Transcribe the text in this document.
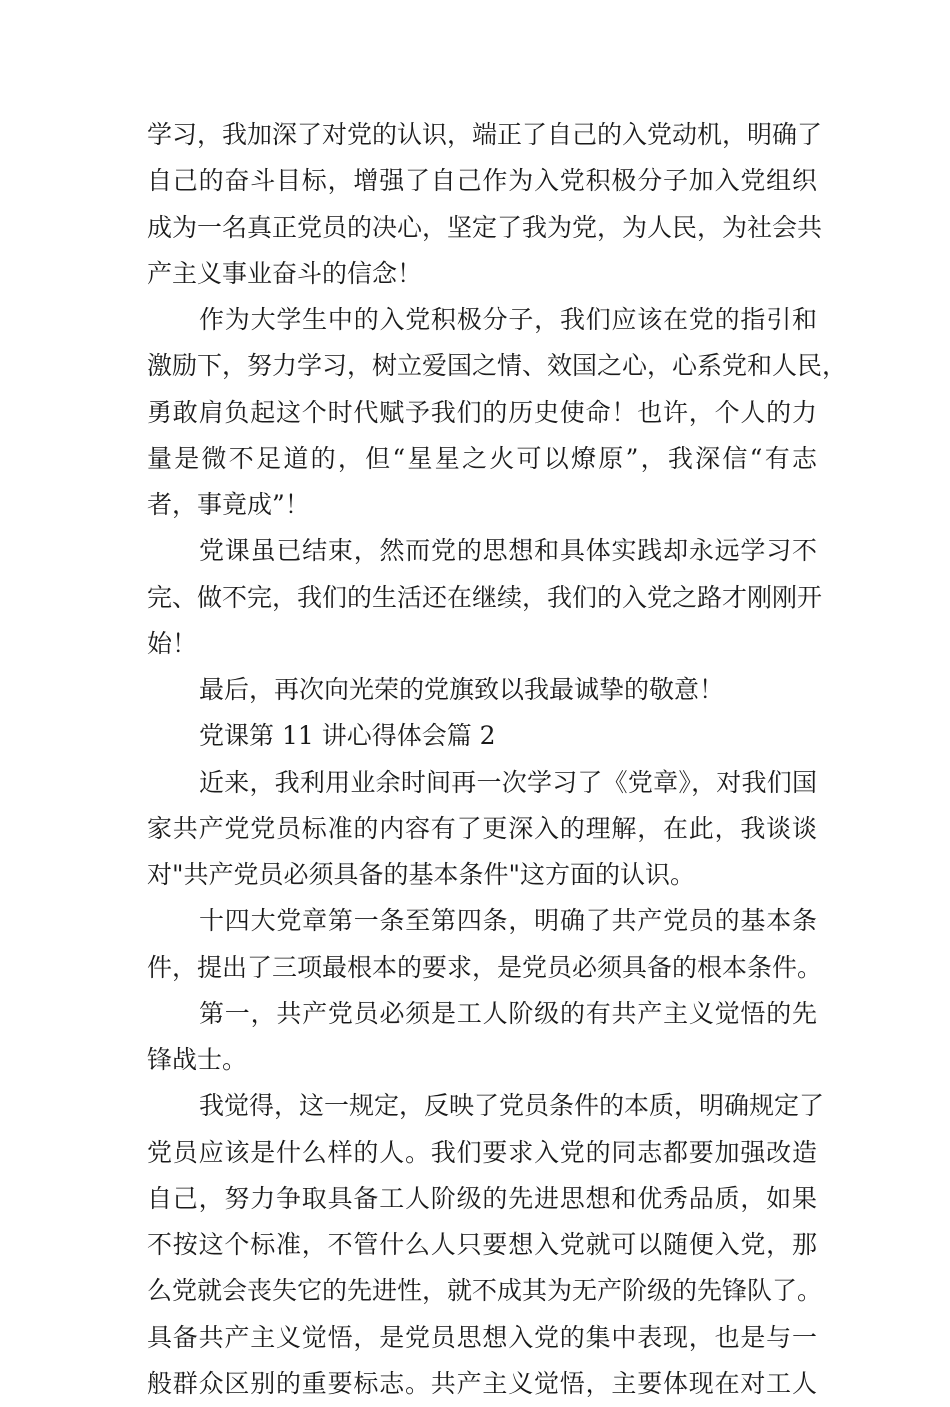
学习，我加深了对党的认识，端正了自己的入党动机，明确了
自己的奋斗目标，增强了自己作为入党积极分子加入党组织
成为一名真正党员的决心，坚定了我为党，为人民，为社会共
产主义事业奋斗的信念！
作为大学生中的入党积极分子，我们应该在党的指引和
激励下，努力学习，树立爱国之情、效国之心，心系党和人民，
勇敢肩负起这个时代赋予我们的历史使命！也许，个人的力
量是微不足道的，但“星星之火可以燎原”，我深信“有志
者，事竟成”！
党课虽已结束，然而党的思想和具体实践却永远学习不
完、做不完，我们的生活还在继续，我们的入党之路才刚刚开
始！
最后，再次向光荣的党旗致以我最诚挚的敬意！
党课第 11 讲心得体会篇 2
近来，我利用业余时间再一次学习了《党章》，对我们国
家共产党党员标准的内容有了更深入的理解，在此，我谈谈
对"共产党员必须具备的基本条件"这方面的认识。
十四大党章第一条至第四条，明确了共产党员的基本条
件，提出了三项最根本的要求，是党员必须具备的根本条件。
第一，共产党员必须是工人阶级的有共产主义觉悟的先
锋战士。
我觉得，这一规定，反映了党员条件的本质，明确规定了
党员应该是什么样的人。我们要求入党的同志都要加强改造
自己，努力争取具备工人阶级的先进思想和优秀品质，如果
不按这个标准，不管什么人只要想入党就可以随便入党，那
么党就会丧失它的先进性，就不成其为无产阶级的先锋队了。
具备共产主义觉悟，是党员思想入党的集中表现，也是与一
般群众区别的重要标志。共产主义觉悟，主要体现在对工人
